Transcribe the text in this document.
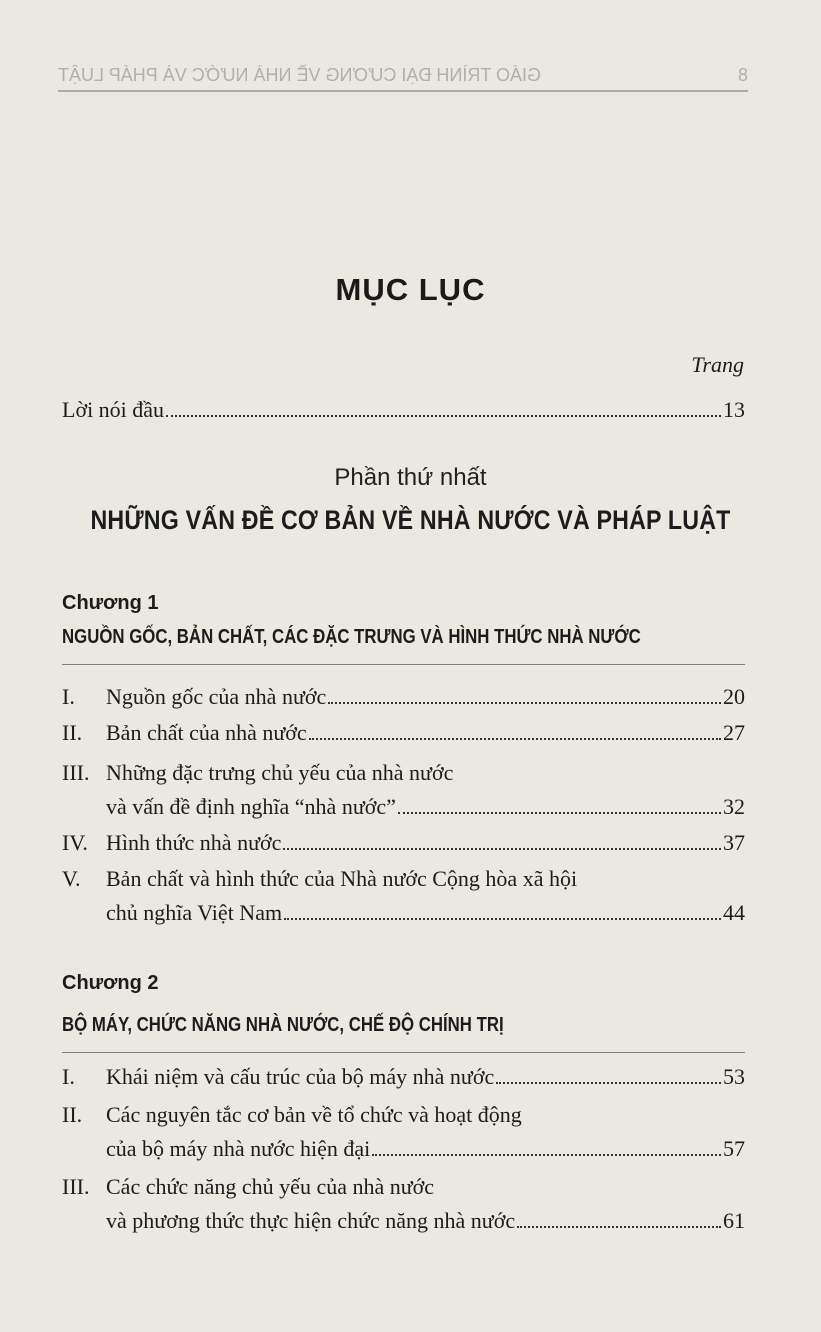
8
GIÁO TRÌNH ĐẠI CƯƠNG VỀ NHÀ NƯỚC VÀ PHÁP LUẬT
MỤC LỤC
Trang
Lời nói đầu	13
Phần thứ nhất
NHỮNG VẤN ĐỀ CƠ BẢN VỀ NHÀ NƯỚC VÀ PHÁP LUẬT
Chương 1
NGUỒN GỐC, BẢN CHẤT, CÁC ĐẶC TRƯNG VÀ HÌNH THỨC NHÀ NƯỚC
I.	Nguồn gốc của nhà nước	20
II.	Bản chất của nhà nước	27
III. Những đặc trưng chủ yếu của nhà nước
và vấn đề định nghĩa “nhà nước”	32
IV. Hình thức nhà nước	37
V.	Bản chất và hình thức của Nhà nước Cộng hòa xã hội
chủ nghĩa Việt Nam	44
Chương 2
BỘ MÁY, CHỨC NĂNG NHÀ NƯỚC, CHẾ ĐỘ CHÍNH TRỊ
I.	Khái niệm và cấu trúc của bộ máy nhà nước	53
II.	Các nguyên tắc cơ bản về tổ chức và hoạt động
của bộ máy nhà nước hiện đại	57
III. Các chức năng chủ yếu của nhà nước
và phương thức thực hiện chức năng nhà nước	61
